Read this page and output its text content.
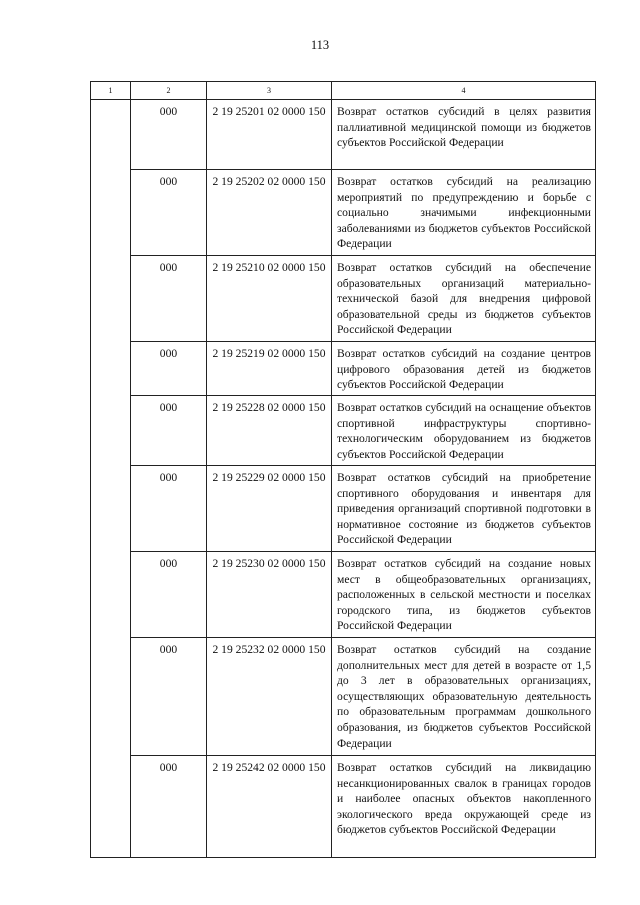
113
1	2	3	4
	000	2 19 25201 02 0000 150	Возврат остатков субсидий в целях развития паллиативной медицинской помощи из бюджетов субъектов Российской Федерации
	000	2 19 25202 02 0000 150	Возврат остатков субсидий на реализацию мероприятий по предупреждению и борьбе с социально значимыми инфекционными заболеваниями из бюджетов субъектов Российской Федерации
	000	2 19 25210 02 0000 150	Возврат остатков субсидий на обеспечение образовательных организаций материально-технической базой для внедрения цифровой образовательной среды из бюджетов субъектов Российской Федерации
	000	2 19 25219 02 0000 150	Возврат остатков субсидий на создание центров цифрового образования детей из бюджетов субъектов Российской Федерации
	000	2 19 25228 02 0000 150	Возврат остатков субсидий на оснащение объектов спортивной инфраструктуры спортивно-технологическим оборудованием из бюджетов субъектов Российской Федерации
	000	2 19 25229 02 0000 150	Возврат остатков субсидий на приобретение спортивного оборудования и инвентаря для приведения организаций спортивной подготовки в нормативное состояние из бюджетов субъектов Российской Федерации
	000	2 19 25230 02 0000 150	Возврат остатков субсидий на создание новых мест в общеобразовательных организациях, расположенных в сельской местности и поселках городского типа, из бюджетов субъектов Российской Федерации
	000	2 19 25232 02 0000 150	Возврат остатков субсидий на создание дополнительных мест для детей в возрасте от 1,5 до 3 лет в образовательных организациях, осуществляющих образовательную деятельность по образовательным программам дошкольного образования, из бюджетов субъектов Российской Федерации
	000	2 19 25242 02 0000 150	Возврат остатков субсидий на ликвидацию несанкционированных свалок в границах городов и наиболее опасных объектов накопленного экологического вреда окружающей среде из бюджетов субъектов Российской Федерации
